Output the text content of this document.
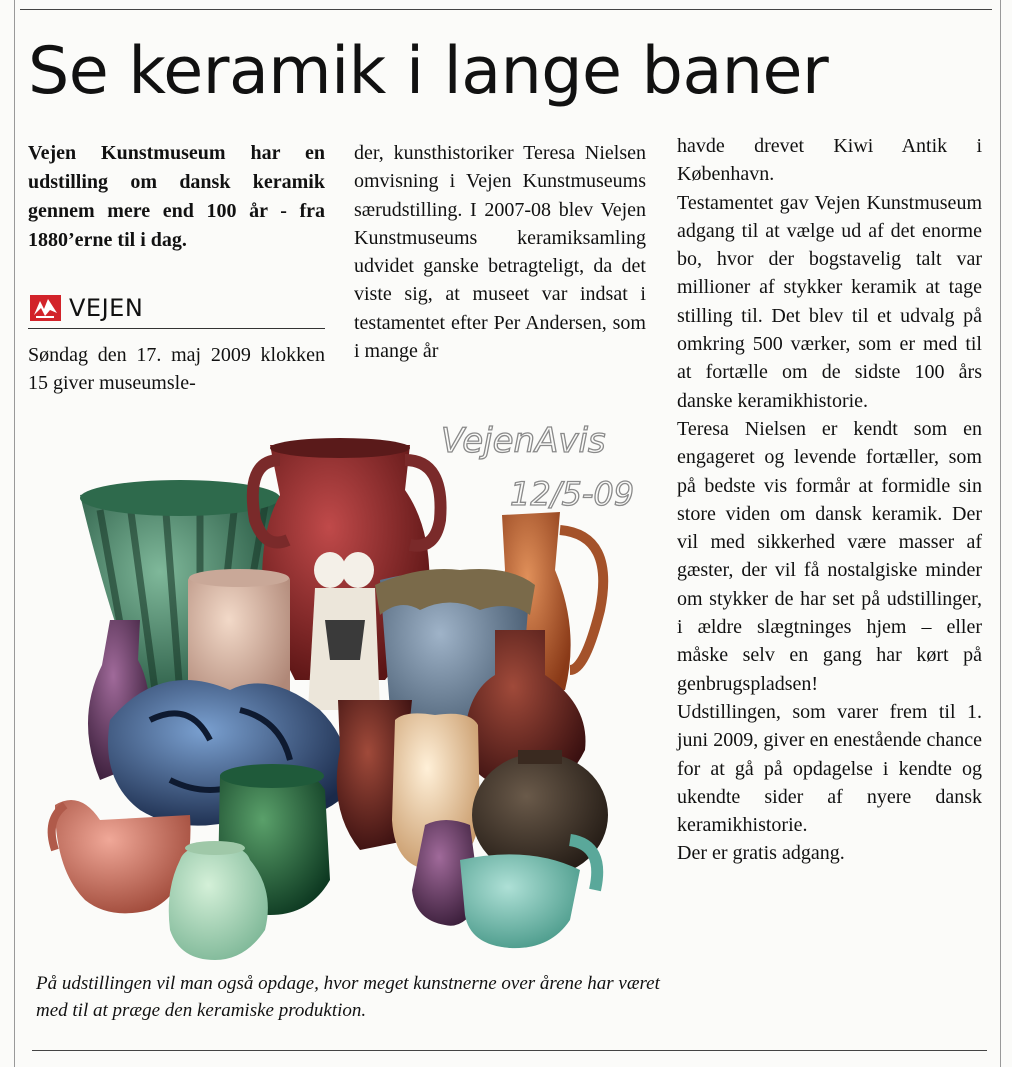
Se keramik i lange baner

Vejen Kunstmuseum har en udstilling om dansk keramik gennem mere end 100 år - fra 1880’erne til i dag.

VEJEN

Søndag den 17. maj 2009 klokken 15 giver museumsle-

der, kunsthistoriker Teresa Nielsen omvisning i Vejen Kunstmuseums særudstilling. I 2007-08 blev Vejen Kunstmuseums keramiksamling udvidet ganske betragteligt, da det viste sig, at museet var indsat i testamentet efter Per Andersen, som i mange år

havde drevet Kiwi Antik i København.

Testamentet gav Vejen Kunstmuseum adgang til at vælge ud af det enorme bo, hvor der bogstavelig talt var millioner af stykker keramik at tage stilling til. Det blev til et udvalg på omkring 500 værker, som er med til at fortælle om de sidste 100 års danske keramikhistorie.

Teresa Nielsen er kendt som en engageret og levende fortæller, som på bedste vis formår at formidle sin store viden om dansk keramik. Der vil med sikkerhed være masser af gæster, der vil få nostalgiske minder om stykker de har set på udstillinger, i ældre slægtninges hjem – eller måske selv en gang har kørt på genbrugspladsen!

Udstillingen, som varer frem til 1. juni 2009, giver en enestående chance for at gå på opdagelse i kendte og ukendte sider af nyere dansk keramikhistorie.

Der er gratis adgang.

VejenAvis
12/5-09
På udstillingen vil man også opdage, hvor meget kunstnerne over årene har været med til at præge den keramiske produktion.
